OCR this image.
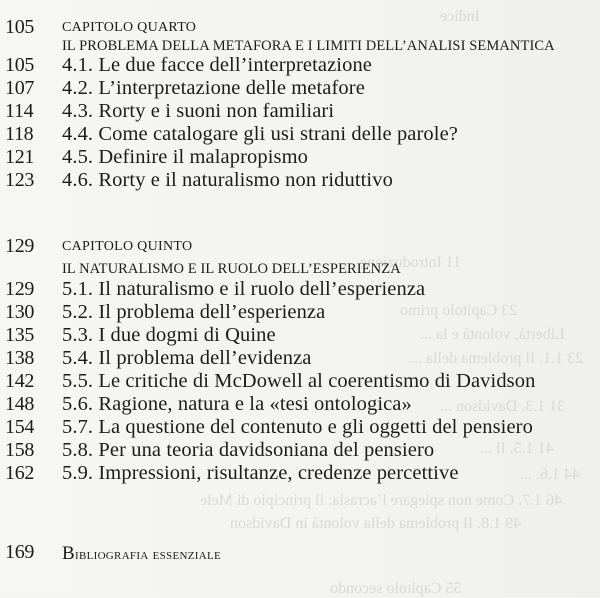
Indice
11 Introduzione
23 Capitolo primo
Libertà, volontà e la ...
23 1.1. Il problema della ...
31 1.3. Davidson ...
41 1.5. Il ...
44 1.6. ...
46 1.7. Come non spiegare l’acrasia: il principio di Mele
49 1.8. Il problema della volontà in Davidson
55 Capitolo secondo
105 CAPITOLO QUARTO
IL PROBLEMA DELLA METAFORA E I LIMITI DELL’ANALISI SEMANTICA
105 4.1. Le due facce dell’interpretazione
107 4.2. L’interpretazione delle metafore
114 4.3. Rorty e i suoni non familiari
118 4.4. Come catalogare gli usi strani delle parole?
121 4.5. Definire il malapropismo
123 4.6. Rorty e il naturalismo non riduttivo
129 CAPITOLO QUINTO
IL NATURALISMO E IL RUOLO DELL’ESPERIENZA
129 5.1. Il naturalismo e il ruolo dell’esperienza
130 5.2. Il problema dell’esperienza
135 5.3. I due dogmi di Quine
138 5.4. Il problema dell’evidenza
142 5.5. Le critiche di McDowell al coerentismo di Davidson
148 5.6. Ragione, natura e la «tesi ontologica»
154 5.7. La questione del contenuto e gli oggetti del pensiero
158 5.8. Per una teoria davidsoniana del pensiero
162 5.9. Impressioni, risultanze, credenze percettive
169 Bibliografia essenziale
